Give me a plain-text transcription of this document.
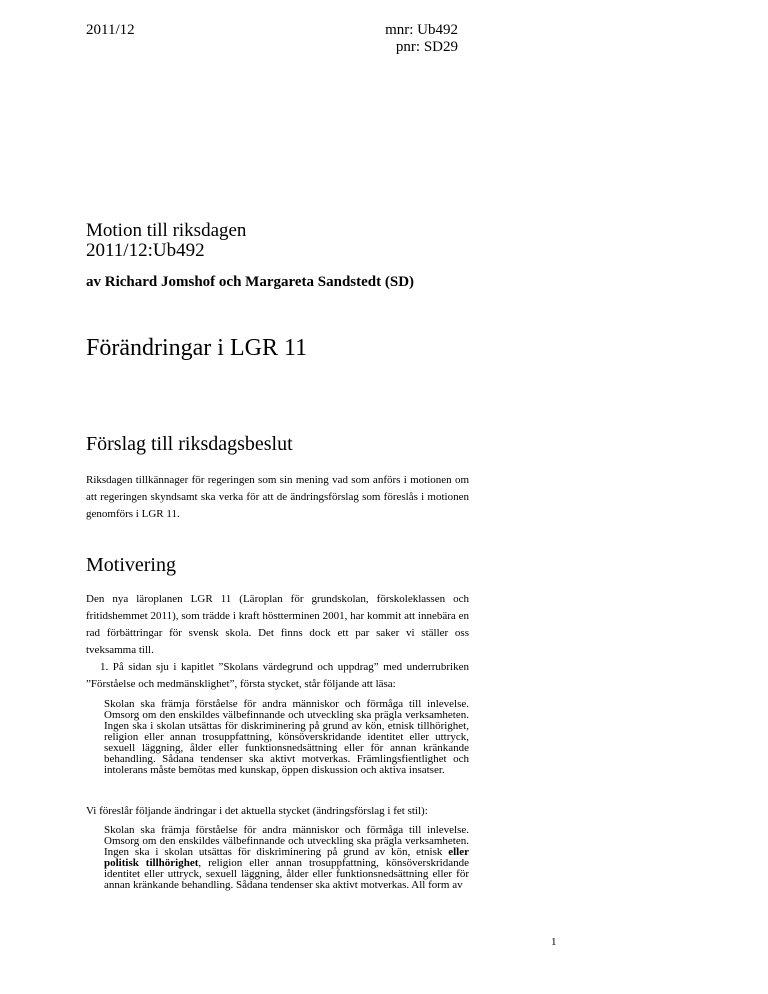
2011/12	mnr: Ub492
pnr: SD29
Motion till riksdagen
2011/12:Ub492
av Richard Jomshof och Margareta Sandstedt (SD)
Förändringar i LGR 11
Förslag till riksdagsbeslut

Riksdagen tillkännager för regeringen som sin mening vad som anförs i motionen om att regeringen skyndsamt ska verka för att de ändringsförslag som föreslås i motionen genomförs i LGR 11.

Motivering

Den nya läroplanen LGR 11 (Läroplan för grundskolan, förskoleklassen och fritidshemmet 2011), som trädde i kraft höstterminen 2001, har kommit att innebära en rad förbättringar för svensk skola. Det finns dock ett par saker vi ställer oss tveksamma till.

1. På sidan sju i kapitlet ”Skolans värdegrund och uppdrag” med underrubriken ”Förståelse och medmänsklighet”, första stycket, står följande att läsa:

Skolan ska främja förståelse för andra människor och förmåga till inlevelse. Omsorg om den enskildes välbefinnande och utveckling ska prägla verksamheten. Ingen ska i skolan utsättas för diskriminering på grund av kön, etnisk tillhörighet, religion eller annan trosuppfattning, könsöverskridande identitet eller uttryck, sexuell läggning, ålder eller funktionsnedsättning eller för annan kränkande behandling. Sådana tendenser ska aktivt motverkas. Främlingsfientlighet och intolerans måste bemötas med kunskap, öppen diskussion och aktiva insatser.

Vi föreslår följande ändringar i det aktuella stycket (ändringsförslag i fet stil):

Skolan ska främja förståelse för andra människor och förmåga till inlevelse. Omsorg om den enskildes välbefinnande och utveckling ska prägla verksamheten. Ingen ska i skolan utsättas för diskriminering på grund av kön, etnisk eller politisk tillhörighet, religion eller annan trosuppfattning, könsöverskridande identitet eller uttryck, sexuell läggning, ålder eller funktionsnedsättning eller för annan kränkande behandling. Sådana tendenser ska aktivt motverkas. All form av

1
